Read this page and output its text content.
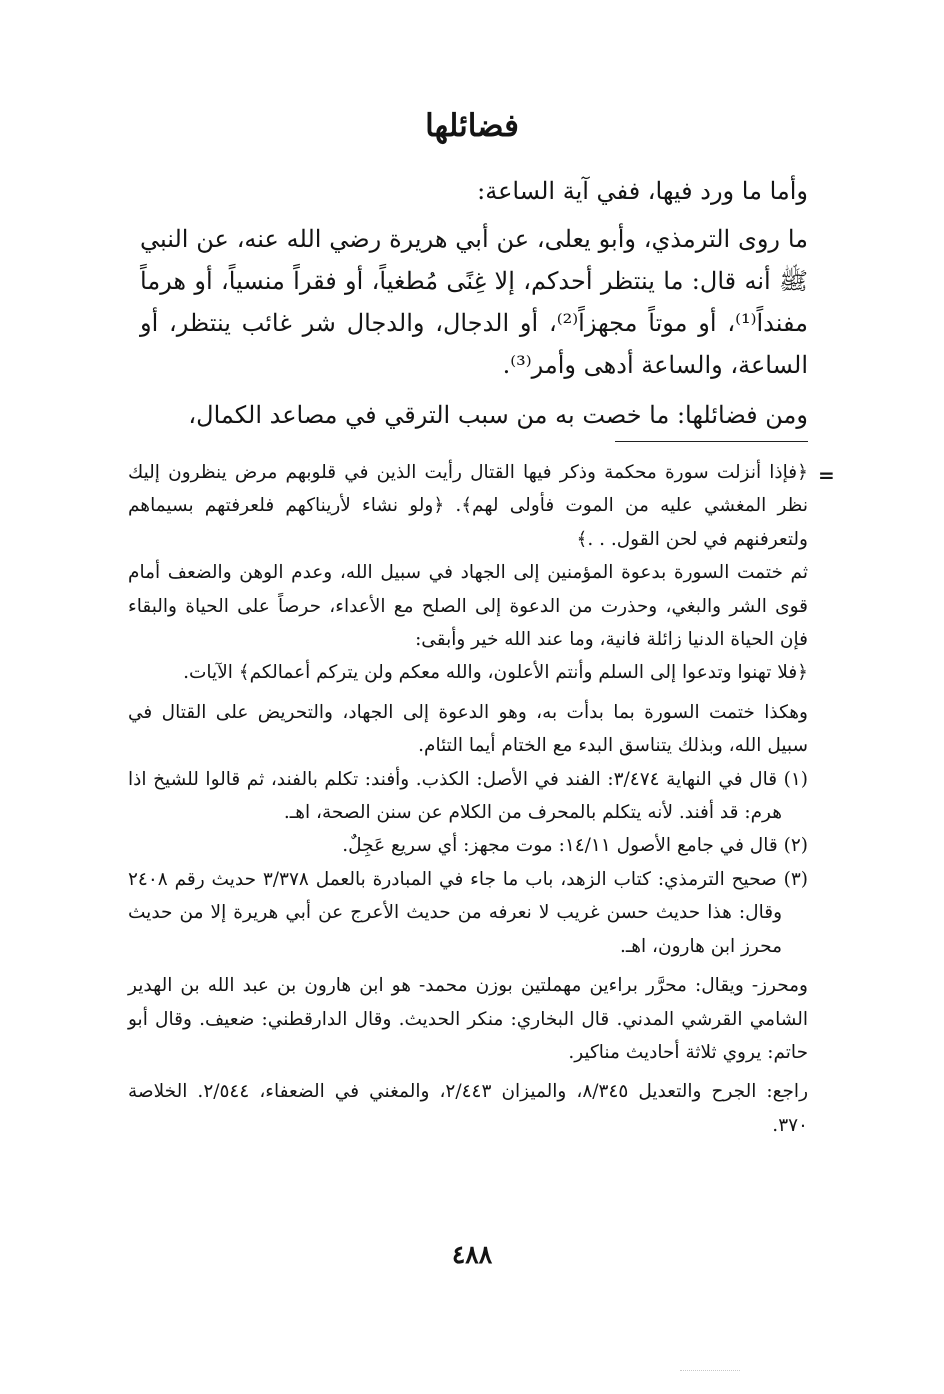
فضائلها
وأما ما ورد فيها، ففي آية الساعة:
ما روى الترمذي، وأبو يعلى، عن أبي هريرة رضي الله عنه، عن النبي ﷺ أنه قال: ما ينتظر أحدكم، إلا غِنًى مُطغياً، أو فقراً منسياً، أو هرماً مفنداً⁽¹⁾، أو موتاً مجهزاً⁽²⁾، أو الدجال، والدجال شر غائب ينتظر، أو الساعة، والساعة أدهى وأمر⁽³⁾.
ومن فضائلها: ما خصت به من سبب الترقي في مصاعد الكمال،
=
﴿فإذا أنزلت سورة محكمة وذكر فيها القتال رأيت الذين في قلوبهم مرض ينظرون إليك نظر المغشي عليه من الموت فأولى لهم﴾. ﴿ولو نشاء لأريناكهم فلعرفتهم بسيماهم ولتعرفنهم في لحن القول. . .﴾
ثم ختمت السورة بدعوة المؤمنين إلى الجهاد في سبيل الله، وعدم الوهن والضعف أمام قوى الشر والبغي، وحذرت من الدعوة إلى الصلح مع الأعداء، حرصاً على الحياة والبقاء فإن الحياة الدنيا زائلة فانية، وما عند الله خير وأبقى:
﴿فلا تهنوا وتدعوا إلى السلم وأنتم الأعلون، والله معكم ولن يتركم أعمالكم﴾ الآيات.
وهكذا ختمت السورة بما بدأت به، وهو الدعوة إلى الجهاد، والتحريض على القتال في سبيل الله، وبذلك يتناسق البدء مع الختام أيما التئام.
(١) قال في النهاية ٣/٤٧٤: الفند في الأصل: الكذب. وأفند: تكلم بالفند، ثم قالوا للشيخ اذا هرم: قد أفند. لأنه يتكلم بالمحرف من الكلام عن سنن الصحة، اهـ.
(٢) قال في جامع الأصول ١٤/١١: موت مجهز: أي سريع عَجِلٌ.
(٣) صحيح الترمذي: كتاب الزهد، باب ما جاء في المبادرة بالعمل ٣/٣٧٨ حديث رقم ٢٤٠٨ وقال: هذا حديث حسن غريب لا نعرفه من حديث الأعرج عن أبي هريرة إلا من حديث محرز ابن هارون، اهـ.
ومحرز- ويقال: محرَّر براءين مهملتين بوزن محمد- هو ابن هارون بن عبد الله بن الهدير الشامي القرشي المدني. قال البخاري: منكر الحديث. وقال الدارقطني: ضعيف. وقال أبو حاتم: يروي ثلاثة أحاديث مناكير.
راجع: الجرح والتعديل ٨/٣٤٥، والميزان ٢/٤٤٣، والمغني في الضعفاء، ٢/٥٤٤. الخلاصة ٣٧٠.
٤٨٨
